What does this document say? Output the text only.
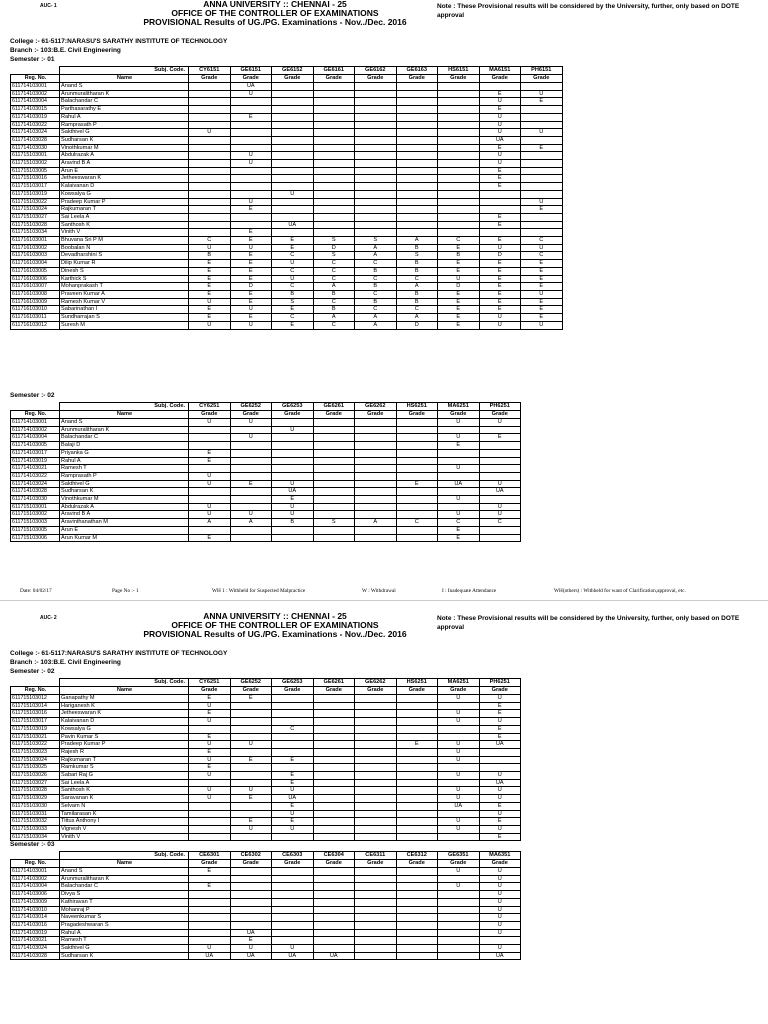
AUC- 1	ANNA UNIVERSITY :: CHENNAI - 25
OFFICE OF THE CONTROLLER OF EXAMINATIONS
PROVISIONAL Results of UG./PG. Examinations - Nov../Dec. 2016
Note : These Provisional results will be considered by the University, further, only based on DOTE approval
College :- 61-5117:NARASU'S SARATHY INSTITUTE OF TECHNOLOGY
Branch :- 103:B.E. Civil Engineering
Semester :- 01
	Subj. Code.	CY6151	GE6151	GE6152	GE6161	GE6162	GE6163	HS6151	MA6151	PH6151
Reg. No.	Name	Grade	Grade	Grade	Grade	Grade	Grade	Grade	Grade	Grade
611714103001	Anand S		UA							
611714103002	Arunmuralitharan K		U						E	U
611714103004	Balachandar C								U	E
611714103015	Parthasarathy E								E	
611714103019	Rahul A		E						U	
611714103022	Ramprasath P								U	
611714103024	Sakthivel G	U							U	U
611714103028	Sudharsan K								UA	
611714103030	Vinothkumar M								E	E
611715103001	Abdulrazak A		U						U	
611715103002	Aravind B A		U						U	
611715103005	Arun E								E	
611715103016	Jetheeswaran K								E	
611715103017	Kalaivanan D								E	
611715103019	Kowsalya G			U						
611715103022	Pradeep Kumar P		U							U
611715103024	Rajkumaran T		E							E
611715103027	Sai Leela A								E	
611715103028	Santhosh K			UA					E	
611715103034	Vinith V		E							
611716103001	Bhuvana Sri P M	C	E	E	S	S	A	C	E	C
611716103002	Boobalan N	U	U	E	D	A	B	E	U	U
611716103003	Devadharshini S	B	E	C	S	A	S	B	D	C
611716103004	Dilip Kumar R	E	E	U	C	C	B	E	E	E
611716103005	Dinesh S	E	E	C	C	B	B	E	E	E
611716103006	Karthick S	E	E	U	C	C	C	U	E	E
611716103007	Mohanprakash T	E	D	C	A	B	A	D	E	E
611716103008	Praveen Kumar A	E	E	B	B	C	B	E	E	U
611716103009	Ramesh Kumar V	U	E	S	C	B	B	E	E	E
611716103010	Sabarinathan I	E	U	E	B	C	C	E	E	E
611716103011	Sundharrajan S	E	E	C	A	A	A	E	U	E
611716103012	Suresh M	U	U	E	C	A	D	E	U	U
Semester :- 02
	Subj. Code.	CY6251	GE6252	GE6253	GE6261	GE6262	HS6251	MA6251	PH6251
Reg. No.	Name	Grade	Grade	Grade	Grade	Grade	Grade	Grade	Grade
611714103001	Anand S	U	U					U	U
611714103002	Arunmuralitharan K			U					
611714103004	Balachandar C		U					U	E
611714103005	Balaji D							E	
611714103017	Priyanka G	E							
611714103019	Rahul A	E							
611714103021	Ramesh T							U	
611714103022	Ramprasath P	U							
611714103024	Sakthivel G	U	E	U			E	UA	U
611714103028	Sudharsan K			UA					UA
611714103030	Vinothkumar M			E				U	
611715103001	Abdulrazak A	U		U					U
611715103002	Aravind B A	U	U	U				U	U
611715103003	Aravinthanathan M	A	A	B	S	A	C	C	C
611715103005	Arun E							E	
611715103006	Arun Kumar M	E						E	
Date: 04/02/17	Page No :- 1	WH 1 : Withheld for Suspected Malpractice	W : Withdrawal	I : Inadequate Attendance	WH(others) : Withheld for want of Clarification,approval, etc.
AUC- 2	ANNA UNIVERSITY :: CHENNAI - 25
OFFICE OF THE CONTROLLER OF EXAMINATIONS
PROVISIONAL Results of UG./PG. Examinations - Nov../Dec. 2016
Note : These Provisional results will be considered by the University, further, only based on DOTE approval
College :- 61-5117:NARASU'S SARATHY INSTITUTE OF TECHNOLOGY
Branch :- 103:B.E. Civil Engineering
Semester :- 02
	Subj. Code.	CY6251	GE6252	GE6253	GE6261	GE6262	HS6251	MA6251	PH6251
Reg. No.	Name	Grade	Grade	Grade	Grade	Grade	Grade	Grade	Grade
611715103012	Ganapathy M	E	E					U	U
611715103014	Hariganesh K	U							E
611715103016	Jetheeswaran K	E						U	E
611715103017	Kalaivanan D	U						U	U
611715103019	Kowsalya G			C					E
611715103021	Pavin Kumar S	E							E
611715103022	Pradeep Kumar P	U	U				E	U	UA
611715103023	Rajesh R	E						U	
611715103024	Rajkumaran T	U	E	E				U	
611715103025	Ramkumar S	E							
611715103026	Sabari Raj G	U		E				U	U
611715103027	Sai Leela A			E					UA
611715103028	Santhosh K	U	U	U				U	U
611715103029	Saravanan K	U	E	UA				U	U
611715103030	Selvam N			E				UA	E
611715103031	Tamilarasan K			U					U
611715103032	Tittus Anthony I		E	E				U	E
611715103033	Vignesh V		U	U				U	U
611715103034	Vinith V								E
Semester :- 03
	Subj. Code.	CE6301	CE6302	CE6303	CE6304	CE6311	CE6312	GE6351	MA6351
Reg. No.	Name	Grade	Grade	Grade	Grade	Grade	Grade	Grade	Grade
611714103001	Anand S	E						U	U
611714103002	Arunmuralitharan K								U
611714103004	Balachandar C	E						U	U
611714103006	Divya S								U
611714103009	Kathiravan T								U
611714103010	Mohanraj P								U
611714103014	Naveenkumar S								U
611714103016	Pragadeshwaran S								U
611714103019	Rahul A		UA						U
611714103021	Ramesh T		E						
611714103024	Sakthivel G	U	U	U					U
611714103028	Sudharsan K	UA	UA	UA	UA				UA
